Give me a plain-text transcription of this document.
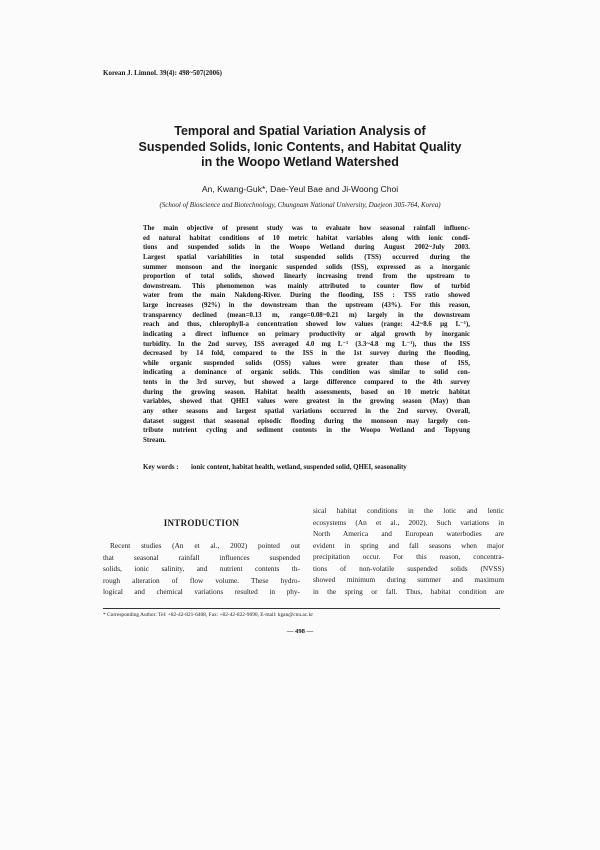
Korean J. Limnol. 39(4): 498~507(2006)
Temporal and Spatial Variation Analysis of
Suspended Solids, Ionic Contents, and Habitat Quality
in the Woopo Wetland Watershed
An, Kwang-Guk*, Dae-Yeul Bae and Ji-Woong Choi
(School of Bioscience and Biotechnology, Chungnam National University, Daejeon 305-764, Korea)
The main objective of present study was to evaluate how seasonal rainfall influenc-
ed natural habitat conditions of 10 metric habitat variables along with ionic condi-
tions and suspended solids in the Woopo Wetland during August 2002~July 2003.
Largest spatial variabilities in total suspended solids (TSS) occurred during the
summer monsoon and the inorganic suspended solids (ISS), expressed as a inorganic
proportion of total solids, showed linearly increasing trend from the upstream to
downstream. This phenomenon was mainly attributed to counter flow of turbid
water from the main Nakdong-River. During the flooding, ISS : TSS ratio showed
large increases (92%) in the downstream than the upstream (43%). For this reason,
transparency declined (mean=0.13 m, range=0.08~0.21 m) largely in the downstream
reach and thus, chlorophyll-a concentration showed low values (range: 4.2~8.6 μg L⁻¹),
indicating a direct influence on primary productivity or algal growth by inorganic
turbidity. In the 2nd survey, ISS averaged 4.0 mg L⁻¹ (3.3~4.8 mg L⁻¹), thus the ISS
decreased by 14 fold, compared to the ISS in the 1st survey during the flooding,
while organic suspended solids (OSS) values were greater than those of ISS,
indicating a dominance of organic solids. This condition was similar to solid con-
tents in the 3rd survey, but showed a large difference compared to the 4th survey
during the growing season. Habitat health assessments, based on 10 metric habitat
variables, showed that QHEI values were greatest in the growing season (May) than
any other seasons and largest spatial variations occurred in the 2nd survey. Overall,
dataset suggest that seasonal episodic flooding during the monsoon may largely con-
tribute nutrient cycling and sediment contents in the Woopo Wetland and Topyung
Stream.
Key words : ionic content, habitat health, wetland, suspended solid, QHEI, seasonality
INTRODUCTION
Recent studies (An et al., 2002) pointed out
that seasonal rainfall influences suspended
solids, ionic salinity, and nutrient contents th-
rough alteration of flow volume. These hydro-
logical and chemical variations resulted in phy-
sical habitat conditions in the lotic and lentic
ecosystems (An et al., 2002). Such variations in
North America and European waterbodies are
evident in spring and fall seasons when major
precipitation occur. For this reason, concentra-
tions of non-volatile suspended solids (NVSS)
showed minimum during summer and maximum
in the spring or fall. Thus, habitat condition are
* Corresponding Author: Tel: +82-42-821-6408, Fax: +82-42-822-9690, E-mail: kgan@cnu.ac.kr
— 498 —
